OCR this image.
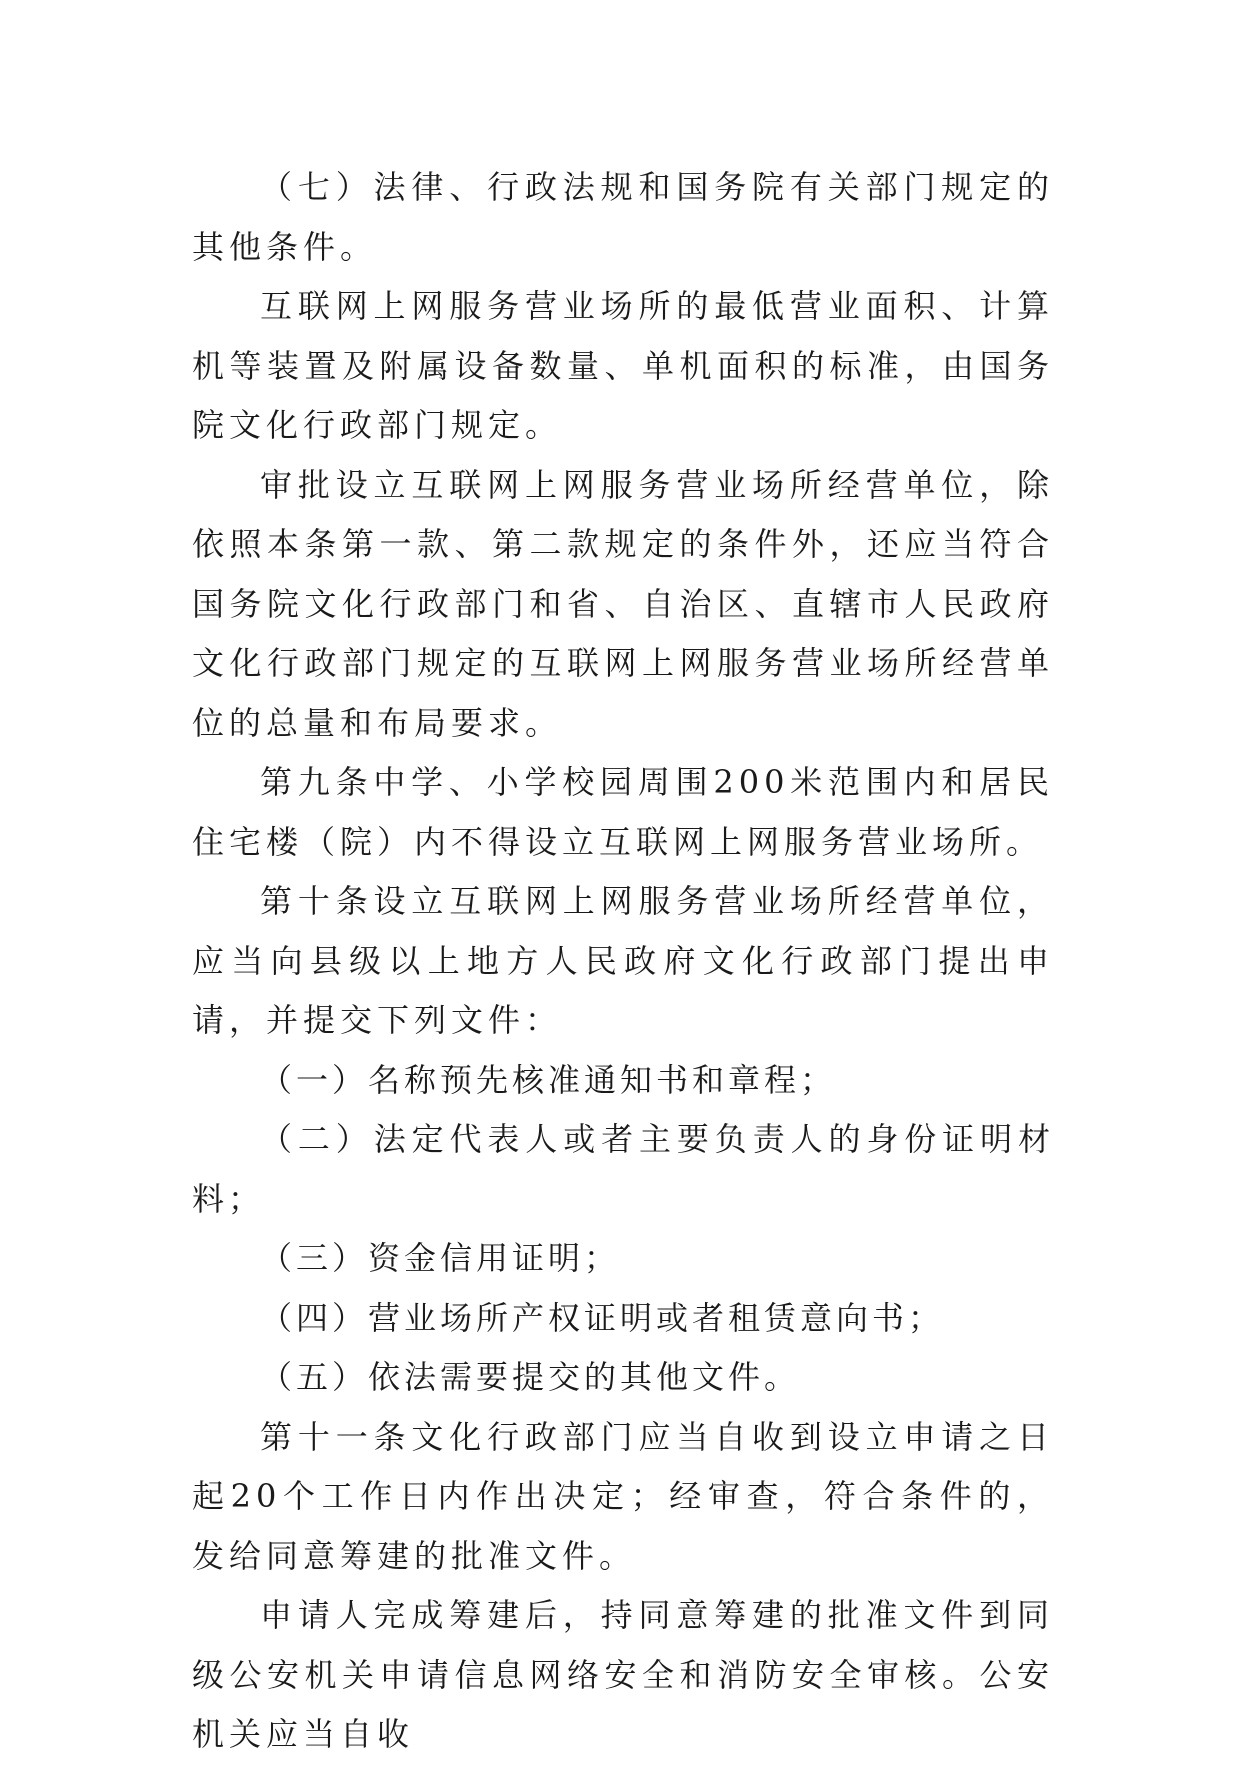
（七）法律、行政法规和国务院有关部门规定的其他条件。

互联网上网服务营业场所的最低营业面积、计算机等装置及附属设备数量、单机面积的标准，由国务院文化行政部门规定。

审批设立互联网上网服务营业场所经营单位，除依照本条第一款、第二款规定的条件外，还应当符合国务院文化行政部门和省、自治区、直辖市人民政府文化行政部门规定的互联网上网服务营业场所经营单位的总量和布局要求。

第九条中学、小学校园周围200米范围内和居民住宅楼（院）内不得设立互联网上网服务营业场所。

第十条设立互联网上网服务营业场所经营单位，应当向县级以上地方人民政府文化行政部门提出申请，并提交下列文件：

（一）名称预先核准通知书和章程；

（二）法定代表人或者主要负责人的身份证明材料；

（三）资金信用证明；

（四）营业场所产权证明或者租赁意向书；

（五）依法需要提交的其他文件。

第十一条文化行政部门应当自收到设立申请之日起20个工作日内作出决定；经审查，符合条件的，发给同意筹建的批准文件。

申请人完成筹建后，持同意筹建的批准文件到同级公安机关申请信息网络安全和消防安全审核。公安机关应当自收
